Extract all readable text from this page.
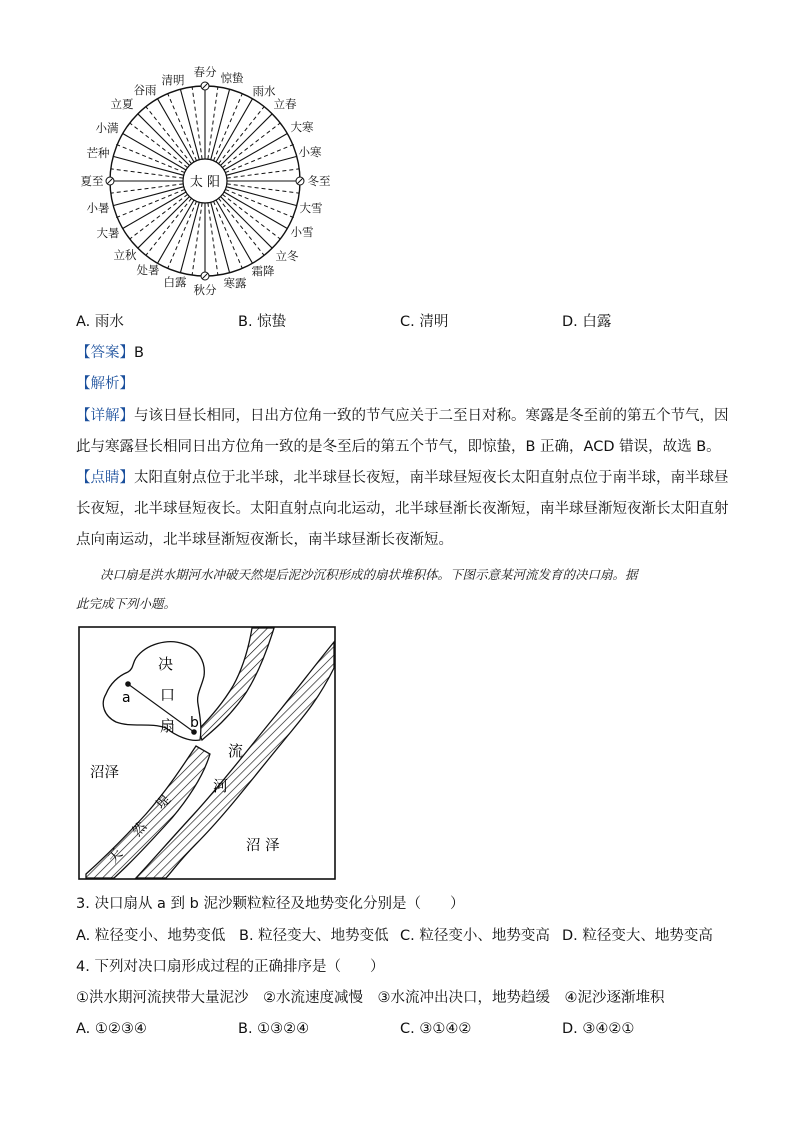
太 阳
春分 惊蛰
雨水
立春
大寒
小寒
冬至
大雪
小雪
立冬
霜降
寒露
秋分
白露
处暑
立秋
大暑
小暑
夏至
芒种
小满
立夏
谷雨
清明
A. 雨水	B. 惊蛰	C. 清明	D. 白露
【答案】B
【解析】
【详解】与该日昼长相同，日出方位角一致的节气应关于二至日对称。寒露是冬至前的第五个节气，因
此与寒露昼长相同日出方位角一致的是冬至后的第五个节气，即惊蛰，B 正确，ACD 错误，故选 B。
【点睛】太阳直射点位于北半球，北半球昼长夜短，南半球昼短夜长太阳直射点位于南半球，南半球昼
长夜短，北半球昼短夜长。太阳直射点向北运动，北半球昼渐长夜渐短，南半球昼渐短夜渐长太阳直射
点向南运动，北半球昼渐短夜渐长，南半球昼渐长夜渐短。
决口扇是洪水期河水冲破天然堤后泥沙沉积形成的扇状堆积体。下图示意某河流发育的决口扇。据
此完成下列小题。
a
b
决
口
扇
沼泽
流
河
沼 泽
天
然
堤
3. 决口扇从 a 到 b 泥沙颗粒粒径及地势变化分别是（　　）
A. 粒径变小、地势变低 B. 粒径变大、地势变低 C. 粒径变小、地势变高 D. 粒径变大、地势变高
4. 下列对决口扇形成过程的正确排序是（　　）
①洪水期河流挟带大量泥沙　②水流速度减慢　③水流冲出决口，地势趋缓　④泥沙逐渐堆积
A. ①②③④	B. ①③②④	C. ③①④②	D. ③④②①
